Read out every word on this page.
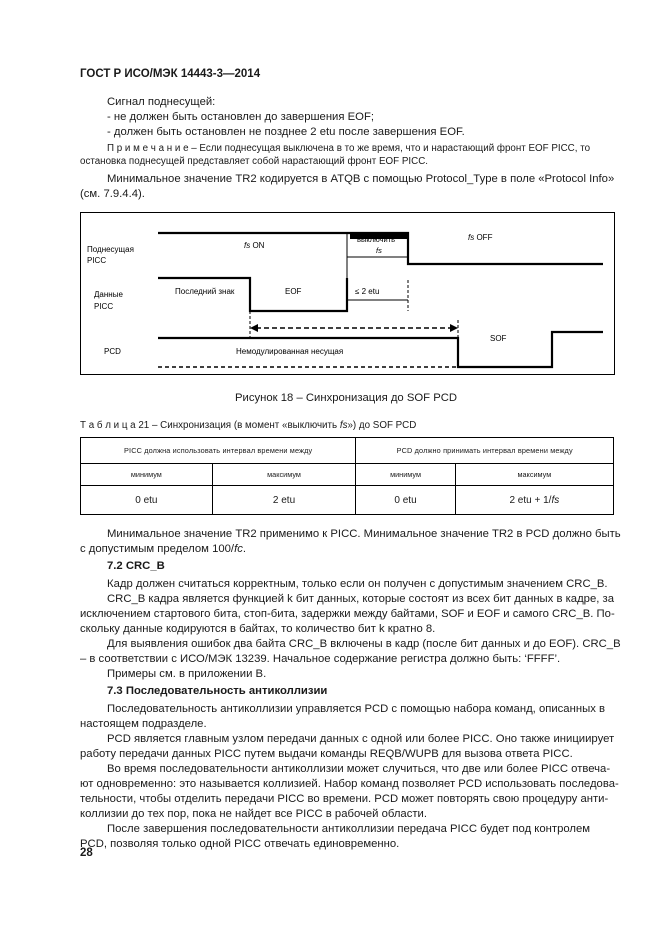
ГОСТ Р ИСО/МЭК 14443-3—2014

Сигнал поднесущей:

- не должен быть остановлен до завершения EOF;

- должен быть остановлен не позднее 2 etu после завершения EOF.

П р и м е ч а н и е – Если поднесущая выключена в то же время, что и нарастающий фронт EOF PICC, то

остановка поднесущей представляет собой нарастающий фронт EOF PICC.

Минимальное значение TR2 кодируется в ATQB с помощью Protocol_Type в поле «Protocol Info»

(см. 7.9.4.4).

Поднесущая
PICC
Данные
PICC
PCD
fs ON
выключить
fs
fs OFF
Последний знак	EOF	≤ 2 etu
Немодулированная несущая
SOF

Рисунок 18 – Синхронизация до SOF PCD

Т а б л и ц а 21 – Синхронизация (в момент «выключить fs») до SOF PCD

PICC должна использовать интервал времени между		PCD должно принимать интервал времени между	
минимум	максимум	минимум	максимум
0 etu	2 etu	0 etu	2 etu + 1/fs

Минимальное значение TR2 применимо к PICC. Минимальное значение TR2 в PCD должно быть

с допустимым пределом 100/fc.

7.2 CRC_B

Кадр должен считаться корректным, только если он получен с допустимым значением CRC_B.

CRC_B кадра является функцией k бит данных, которые состоят из всех бит данных в кадре, за

исключением стартового бита, стоп-бита, задержки между байтами, SOF и EOF и самого CRC_B. По-

скольку данные кодируются в байтах, то количество бит k кратно 8.

Для выявления ошибок два байта CRC_B включены в кадр (после бит данных и до EOF). CRC_B

– в соответствии с ИСО/МЭК 13239. Начальное содержание регистра должно быть: ‘FFFF’.

Примеры см. в приложении В.

7.3 Последовательность антиколлизии

Последовательность антиколлизии управляется PCD с помощью набора команд, описанных в

настоящем подразделе.

PCD является главным узлом передачи данных с одной или более PICC. Оно также инициирует

работу передачи данных PICC путем выдачи команды REQB/WUPB для вызова ответа PICC.

Во время последовательности антиколлизии может случиться, что две или более PICC отвеча-

ют одновременно: это называется коллизией. Набор команд позволяет PCD использовать последова-

тельности, чтобы отделить передачи PICC во времени. PCD может повторять свою процедуру анти-

коллизии до тех пор, пока не найдет все PICC в рабочей области.

После завершения последовательности антиколлизии передача PICC будет под контролем

PCD, позволяя только одной PICC отвечать единовременно.

28
